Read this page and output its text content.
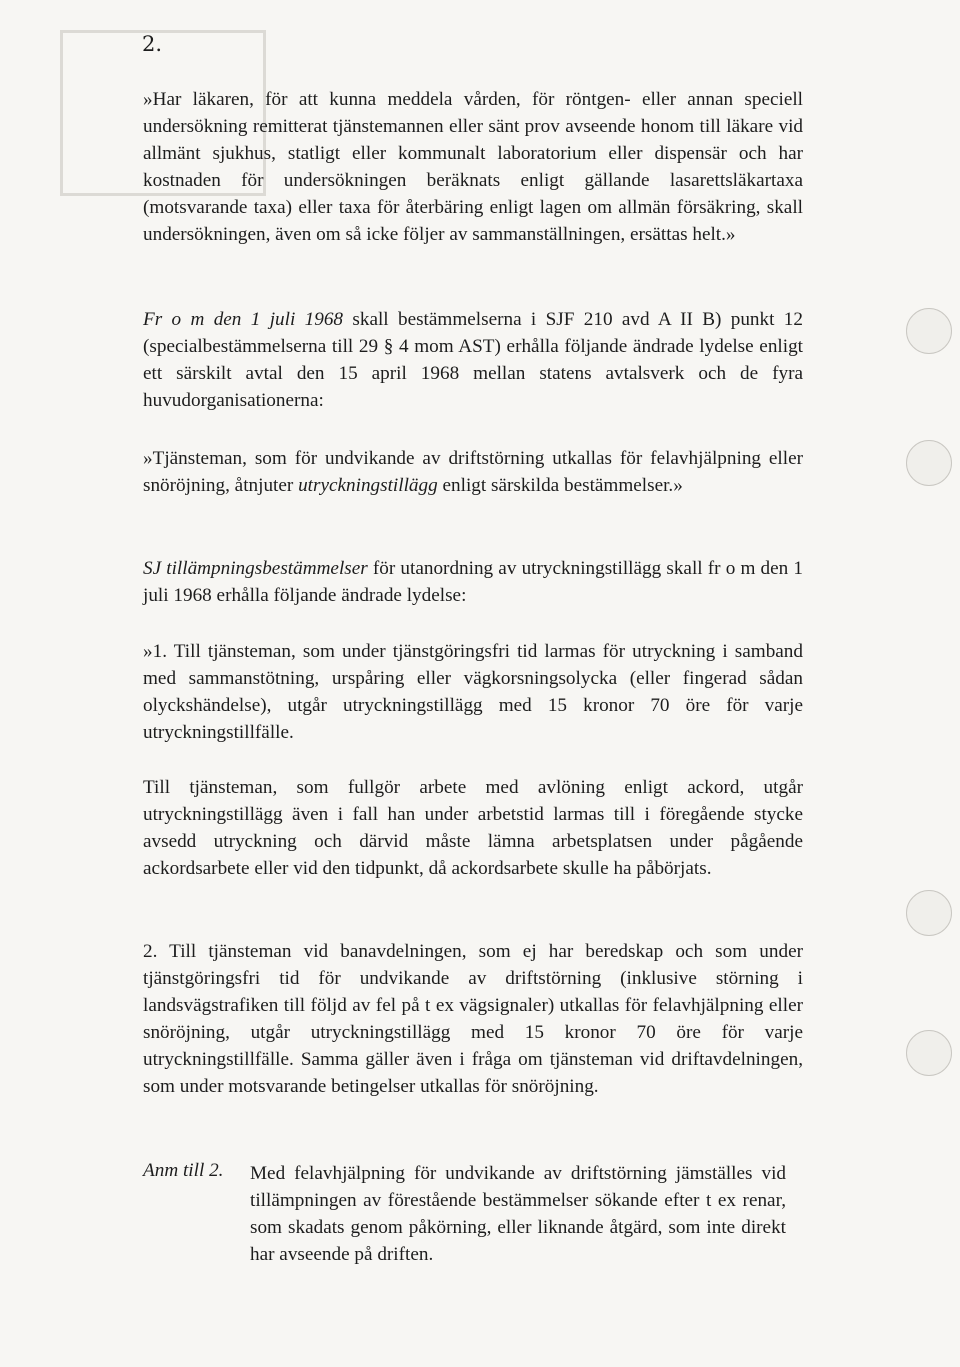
2.

»Har läkaren, för att kunna meddela vården, för röntgen- eller annan speciell undersökning remitterat tjänstemannen eller sänt prov avseende honom till läkare vid allmänt sjukhus, statligt eller kommunalt laboratorium eller dispensär och har kostnaden för undersökningen beräknats enligt gällande lasarettsläkartaxa (motsvarande taxa) eller taxa för återbäring enligt lagen om allmän försäkring, skall undersökningen, även om så icke följer av sammanställningen, ersättas helt.»

Fr o m den 1 juli 1968 skall bestämmelserna i SJF 210 avd A II B) punkt 12 (specialbestämmelserna till 29 § 4 mom AST) erhålla följande ändrade lydelse enligt ett särskilt avtal den 15 april 1968 mellan statens avtalsverk och de fyra huvudorganisationerna:

»Tjänsteman, som för undvikande av driftstörning utkallas för felavhjälpning eller snöröjning, åtnjuter utryckningstillägg enligt särskilda bestämmelser.»

SJ tillämpningsbestämmelser för utanordning av utryckningstillägg skall fr o m den 1 juli 1968 erhålla följande ändrade lydelse:

»1. Till tjänsteman, som under tjänstgöringsfri tid larmas för utryckning i samband med sammanstötning, urspåring eller vägkorsningsolycka (eller fingerad sådan olyckshändelse), utgår utryckningstillägg med 15 kronor 70 öre för varje utryckningstillfälle.

Till tjänsteman, som fullgör arbete med avlöning enligt ackord, utgår utryckningstillägg även i fall han under arbetstid larmas till i föregående stycke avsedd utryckning och därvid måste lämna arbetsplatsen under pågående ackordsarbete eller vid den tidpunkt, då ackordsarbete skulle ha påbörjats.

2. Till tjänsteman vid banavdelningen, som ej har beredskap och som under tjänstgöringsfri tid för undvikande av driftstörning (inklusive störning i landsvägstrafiken till följd av fel på t ex vägsignaler) utkallas för felavhjälpning eller snöröjning, utgår utryckningstillägg med 15 kronor 70 öre för varje utryckningstillfälle. Samma gäller även i fråga om tjänsteman vid driftavdelningen, som under motsvarande betingelser utkallas för snöröjning.

Anm till 2. Med felavhjälpning för undvikande av driftstörning jämställes vid tillämpningen av förestående bestämmelser sökande efter t ex renar, som skadats genom påkörning, eller liknande åtgärd, som inte direkt har avseende på driften.
